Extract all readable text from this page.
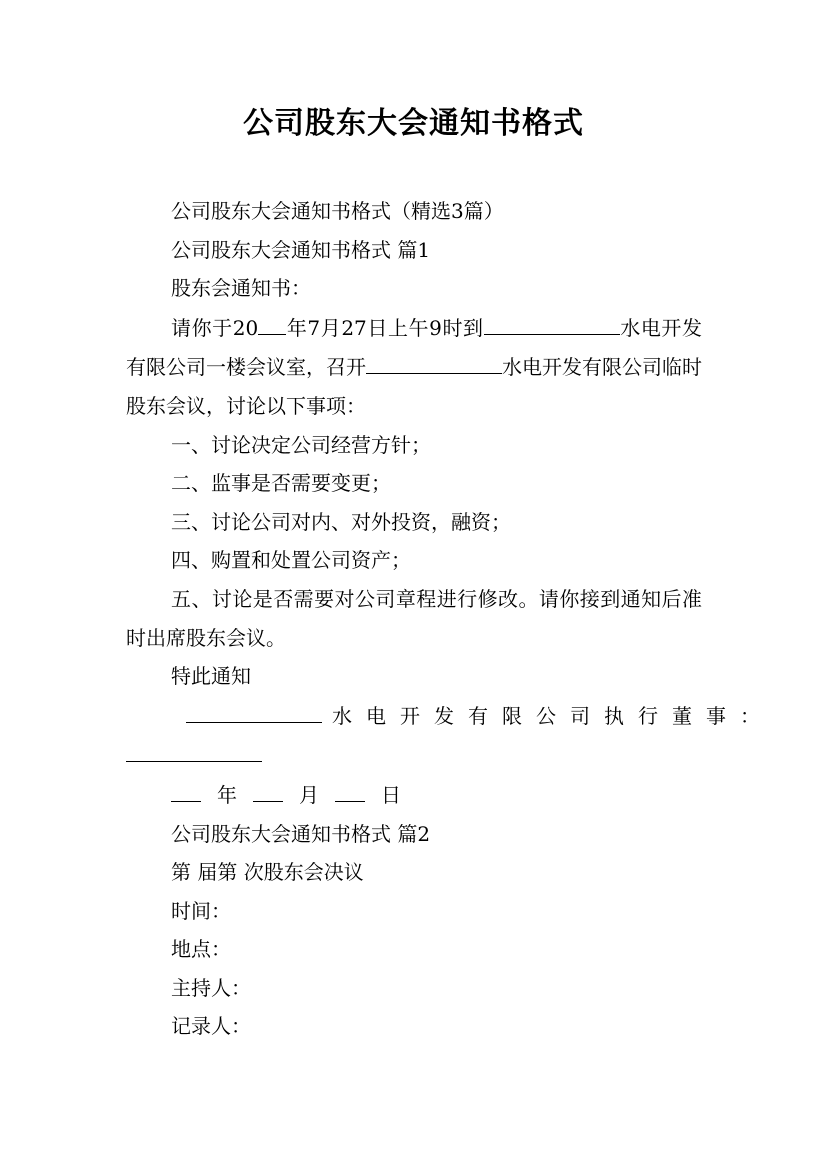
公司股东大会通知书格式

公司股东大会通知书格式（精选3篇）

公司股东大会通知书格式 篇1

股东会通知书：

请你于20 年7月27日上午9时到	水电开发有限公司一楼会议室，召开	水电开发有限公司临时股东会议，讨论以下事项：

一、讨论决定公司经营方针；

二、监事是否需要变更；

三、讨论公司对内、对外投资，融资；

四、购置和处置公司资产；

五、讨论是否需要对公司章程进行修改。请你接到通知后准时出席股东会议。

特此通知

水电开发有限公司执行董事：

年	月	日

公司股东大会通知书格式 篇2

第 届第 次股东会决议

时间：

地点：

主持人：

记录人：
